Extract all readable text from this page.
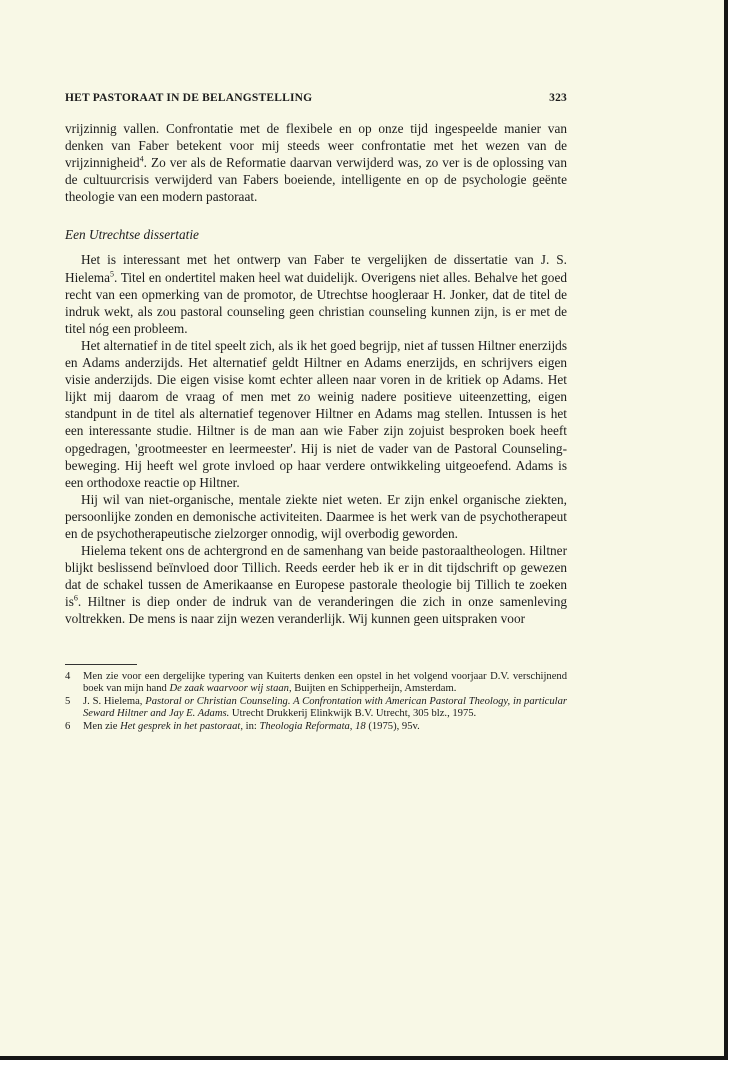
HET PASTORAAT IN DE BELANGSTELLING	323

vrijzinnig vallen. Confrontatie met de flexibele en op onze tijd ingespeelde manier van denken van Faber betekent voor mij steeds weer confrontatie met het wezen van de vrijzinnigheid$^4$. Zo ver als de Reformatie daarvan verwijderd was, zo ver is de oplossing van de cultuurcrisis verwijderd van Fabers boeiende, intelligente en op de psychologie geënte theologie van een modern pastoraat.

Een Utrechtse dissertatie

Het is interessant met het ontwerp van Faber te vergelijken de dissertatie van J. S. Hielema$^5$. Titel en ondertitel maken heel wat duidelijk. Overigens niet alles. Behalve het goed recht van een opmerking van de promotor, de Utrechtse hoogleraar H. Jonker, dat de titel de indruk wekt, als zou pastoral counseling geen christian counseling kunnen zijn, is er met de titel nóg een probleem.

Het alternatief in de titel speelt zich, als ik het goed begrijp, niet af tussen Hiltner enerzijds en Adams anderzijds. Het alternatief geldt Hiltner en Adams enerzijds, en schrijvers eigen visie anderzijds. Die eigen visise komt echter alleen naar voren in de kritiek op Adams. Het lijkt mij daarom de vraag of men met zo weinig nadere positieve uiteenzetting, eigen standpunt in de titel als alternatief tegenover Hiltner en Adams mag stellen. Intussen is het een interessante studie. Hiltner is de man aan wie Faber zijn zojuist besproken boek heeft opgedragen, 'grootmeester en leermeester'. Hij is niet de vader van de Pastoral Counseling-beweging. Hij heeft wel grote invloed op haar verdere ontwikkeling uitgeoefend. Adams is een orthodoxe reactie op Hiltner.

Hij wil van niet-organische, mentale ziekte niet weten. Er zijn enkel organische ziekten, persoonlijke zonden en demonische activiteiten. Daarmee is het werk van de psychotherapeut en de psychotherapeutische zielzorger onnodig, wijl overbodig geworden.

Hielema tekent ons de achtergrond en de samenhang van beide pastoraaltheologen. Hiltner blijkt beslissend beïnvloed door Tillich. Reeds eerder heb ik er in dit tijdschrift op gewezen dat de schakel tussen de Amerikaanse en Europese pastorale theologie bij Tillich te zoeken $is^6$. Hiltner is diep onder de indruk van de veranderingen die zich in onze samenleving voltrekken. De mens is naar zijn wezen veranderlijk. Wij kunnen geen uitspraken voor

4	Men zie voor een dergelijke typering van Kuiterts denken een opstel in het volgend voorjaar D.V. verschijnend boek van mijn hand De zaak waarvoor wij staan, Buijten en Schipperheijn, Amsterdam.
5	J. S. Hielema, Pastoral or Christian Counseling. A Confrontation with American Pastoral Theology, in particular Seward Hiltner and Jay E. Adams. Utrecht Drukkerij Elinkwijk B.V. Utrecht, 305 blz., 1975.
6	Men zie Het gesprek in het pastoraat, in: Theologia Reformata, 18 (1975), 95v.
